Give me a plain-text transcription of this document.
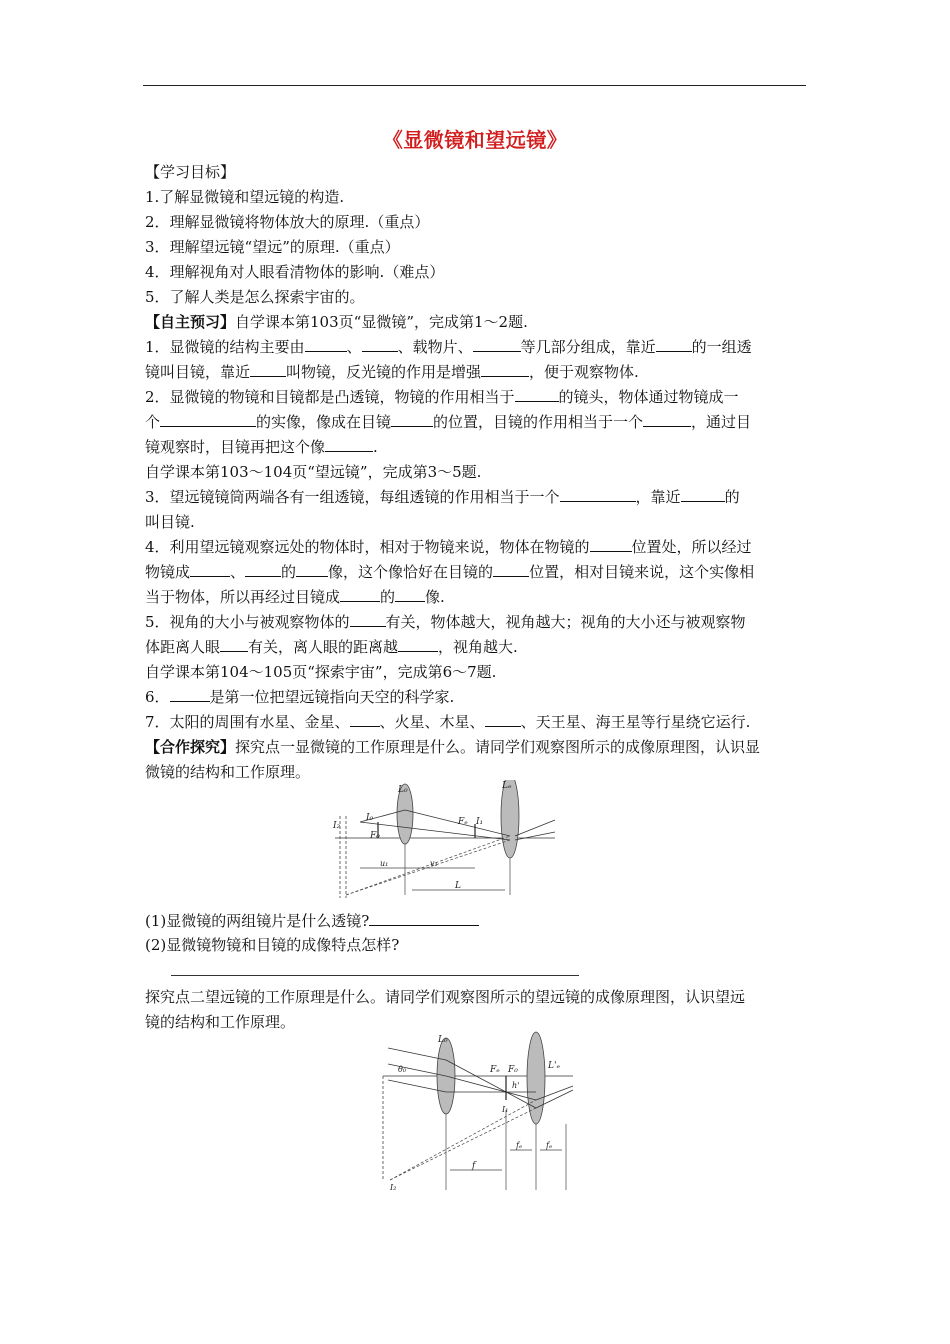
《显微镜和望远镜》
【学习目标】
1.了解显微镜和望远镜的构造.
2．理解显微镜将物体放大的原理.（重点）
3．理解望远镜“望远”的原理.（重点）
4．理解视角对人眼看清物体的影响.（难点）
5．了解人类是怎么探索宇宙的。
【自主预习】自学课本第103页“显微镜”，完成第1～2题.
1．显微镜的结构主要由	、 、载物片、	等几部分组成，靠近 的一组透
镜叫目镜，靠近 叫物镜，反光镜的作用是增强	，便于观察物体.
2．显微镜的物镜和目镜都是凸透镜，物镜的作用相当于	的镜头，物体通过物镜成一
个	的实像，像成在目镜	的位置，目镜的作用相当于一个	，通过目
镜观察时，目镜再把这个像	.
自学课本第103～104页“望远镜”，完成第3～5题.
3．望远镜镜筒两端各有一组透镜，每组透镜的作用相当于一个	，靠近	的
叫目镜.
4．利用望远镜观察远处的物体时，相对于物镜来说，物体在物镜的	位置处，所以经过
物镜成	、 的 像，这个像恰好在目镜的 位置，相对目镜来说，这个实像相
当于物体，所以再经过目镜成	的 像.
5．视角的大小与被观察物体的 有关，物体越大，视角越大；视角的大小还与被观察物
体距离人眼 有关，离人眼的距离越	，视角越大.
自学课本第104～105页“探索宇宙”，完成第6～7题.
6．	是第一位把望远镜指向天空的科学家.
7．太阳的周围有水星、金星、 、火星、木星、 、天王星、海王星等行星绕它运行.
【合作探究】探究点一显微镜的工作原理是什么。请同学们观察图所示的成像原理图，认识显
微镜的结构和工作原理。
L₀	Lₑ
I₀
F₀
Fₑ I₁
I₂
u₁	v₁
L
(1)显微镜的两组镜片是什么透镜?
(2)显微镜物镜和目镜的成像特点怎样?
探究点二望远镜的工作原理是什么。请同学们观察图所示的望远镜的成像原理图，认识望远
镜的结构和工作原理。
L₀
L'ₑ
θ₀	Fₑ F₀
h'
I₁
I₂
f
fₑ	fₑ
